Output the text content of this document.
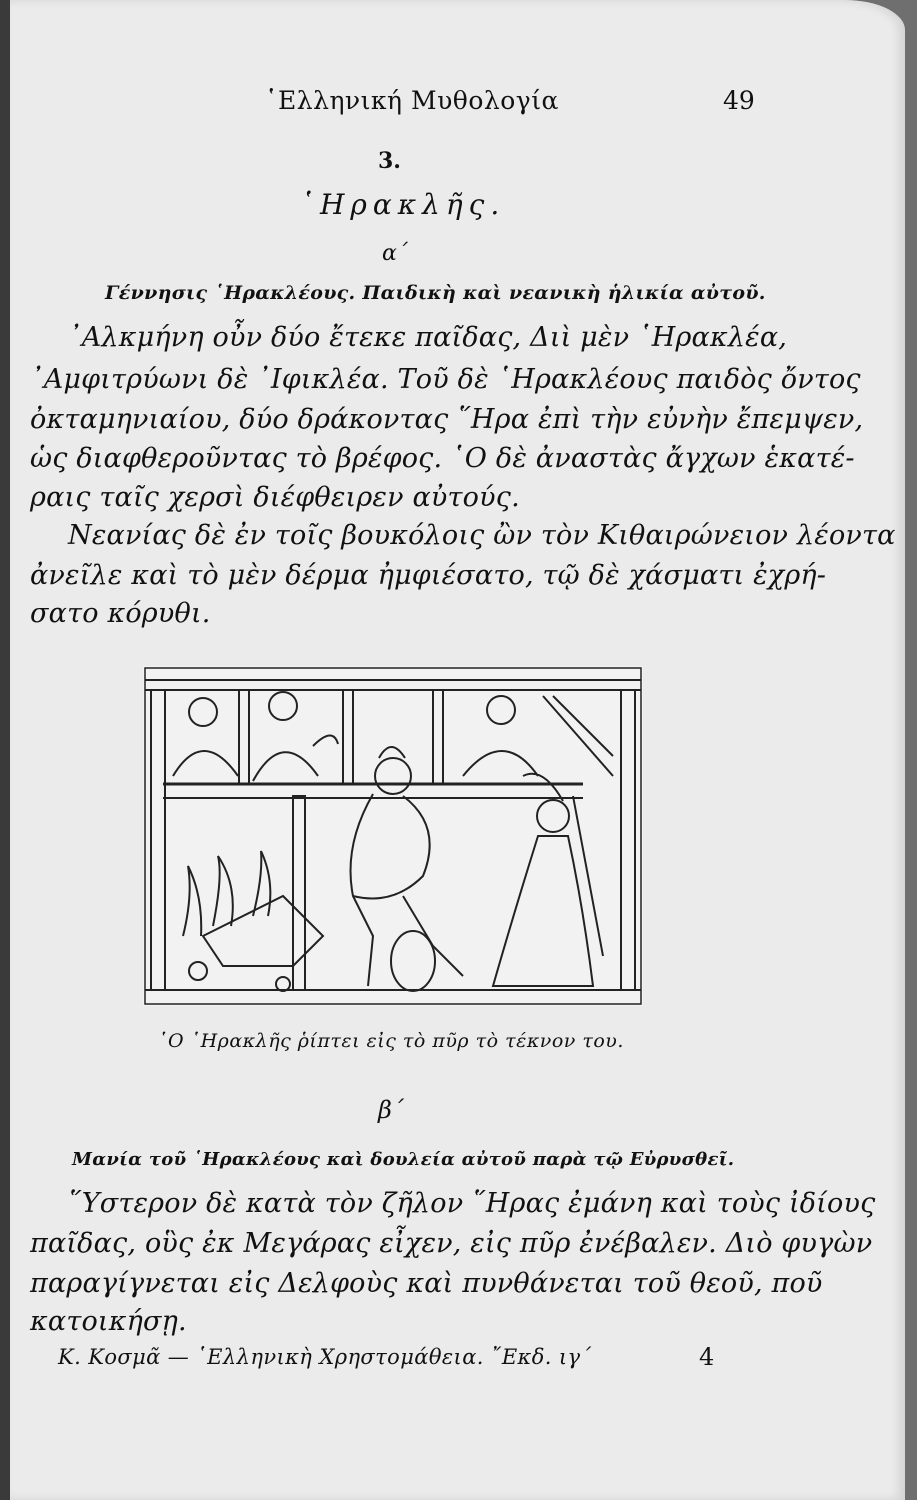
῾Ελληνική Μυθολογία	49
3.
῾Ηρακλῆς.
α΄
Γέννησις ῾Ηρακλέους. Παιδικὴ καὶ νεανικὴ ἡλικία αὐτοῦ.
᾿Αλκμήνη οὖν δύο ἔτεκε παῖδας, Διὶ μὲν ῾Ηρακλέα,
᾿Αμφιτρύωνι δὲ ᾿Ιφικλέα. Τοῦ δὲ ῾Ηρακλέους παιδὸς ὄντος
ὀκταμηνιαίου, δύο δράκοντας ῞Ηρα ἐπὶ τὴν εὐνὴν ἔπεμψεν,
ὡς διαφθεροῦντας τὸ βρέφος. ῾Ο δὲ ἀναστὰς ἄγχων ἑκατέ-
ραις ταῖς χερσὶ διέφθειρεν αὐτούς.
Νεανίας δὲ ἐν τοῖς βουκόλοις ὢν τὸν Κιθαιρώνειον λέοντα
ἀνεῖλε καὶ τὸ μὲν δέρμα ἠμφιέσατο, τῷ δὲ χάσματι ἐχρή-
σατο κόρυθι.
῾Ο ῾Ηρακλῆς ῥίπτει εἰς τὸ πῦρ τὸ τέκνον του.
β΄
Μανία τοῦ ῾Ηρακλέους καὶ δουλεία αὐτοῦ παρὰ τῷ Εὐρυσθεῖ.
῞Υστερον δὲ κατὰ τὸν ζῆλον ῞Ηρας ἐμάνη καὶ τοὺς ἰδίους
παῖδας, οὓς ἐκ Μεγάρας εἶχεν, εἰς πῦρ ἐνέβαλεν. Διὸ φυγὼν
παραγίγνεται εἰς Δελφοὺς καὶ πυνθάνεται τοῦ θεοῦ, ποῦ
κατοικήσῃ.
Κ. Κοσμᾶ — ῾Ελληνικὴ Χρηστομάθεια. ῎Εκδ. ιγ΄	4
